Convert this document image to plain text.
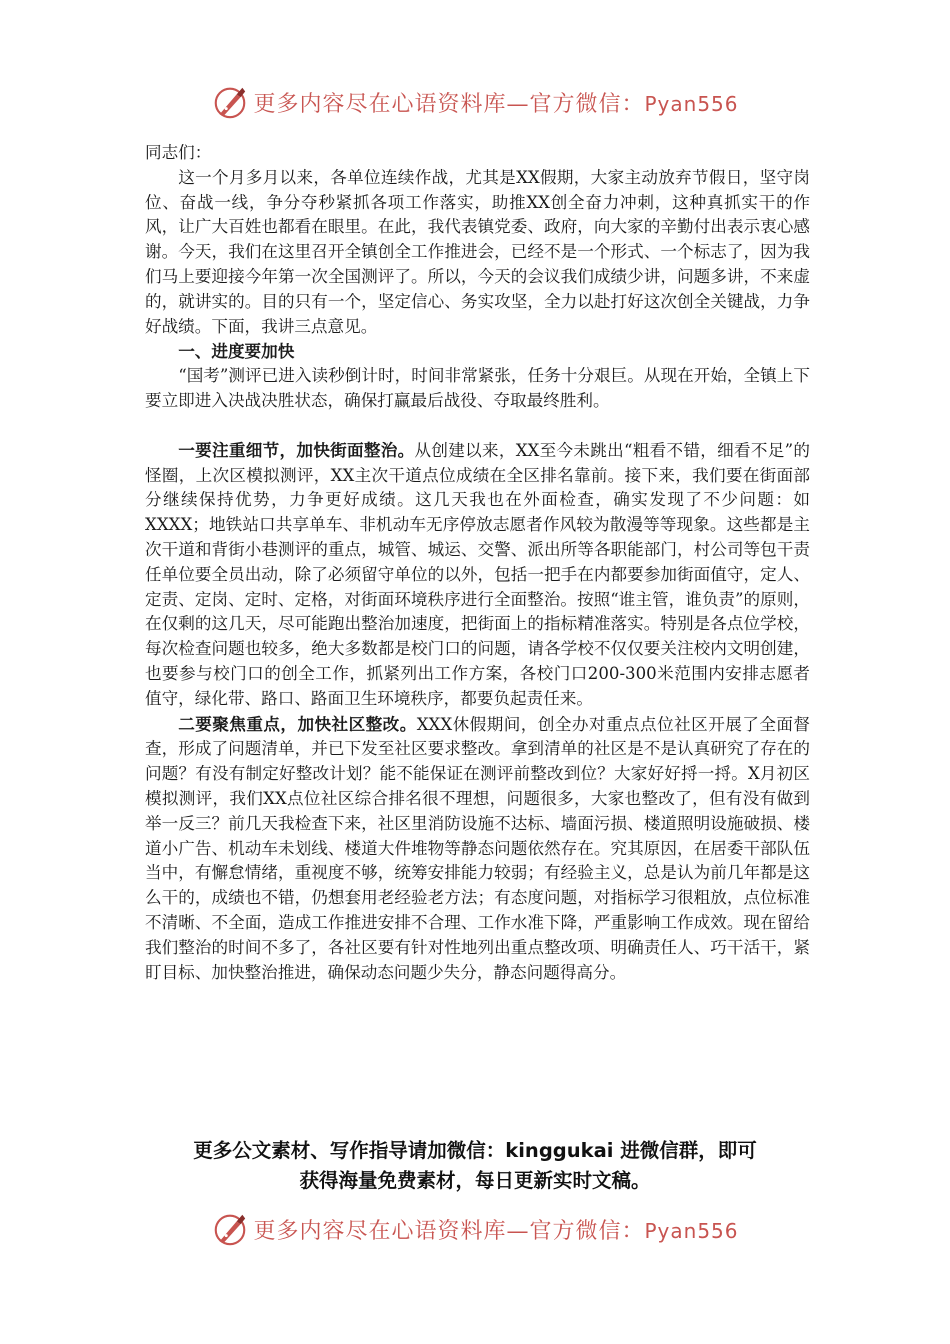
更多内容尽在心语资料库—官方微信：Pyan556

同志们：

这一个月多月以来，各单位连续作战，尤其是XX假期，大家主动放弃节假日，坚守岗位、奋战一线，争分夺秒紧抓各项工作落实，助推XX创全奋力冲刺，这种真抓实干的作风，让广大百姓也都看在眼里。在此，我代表镇党委、政府，向大家的辛勤付出表示衷心感谢。今天，我们在这里召开全镇创全工作推进会，已经不是一个形式、一个标志了，因为我们马上要迎接今年第一次全国测评了。所以，今天的会议我们成绩少讲，问题多讲，不来虚的，就讲实的。目的只有一个，坚定信心、务实攻坚，全力以赴打好这次创全关键战，力争好战绩。下面，我讲三点意见。

一、进度要加快

“国考”测评已进入读秒倒计时，时间非常紧张，任务十分艰巨。从现在开始，全镇上下要立即进入决战决胜状态，确保打赢最后战役、夺取最终胜利。

一要注重细节，加快街面整治。从创建以来，XX至今未跳出“粗看不错，细看不足”的怪圈，上次区模拟测评，XX主次干道点位成绩在全区排名靠前。接下来，我们要在街面部分继续保持优势，力争更好成绩。这几天我也在外面检查，确实发现了不少问题：如XXXX；地铁站口共享单车、非机动车无序停放志愿者作风较为散漫等等现象。这些都是主次干道和背街小巷测评的重点，城管、城运、交警、派出所等各职能部门，村公司等包干责任单位要全员出动，除了必须留守单位的以外，包括一把手在内都要参加街面值守，定人、定责、定岗、定时、定格，对街面环境秩序进行全面整治。按照“谁主管，谁负责”的原则，在仅剩的这几天，尽可能跑出整治加速度，把街面上的指标精准落实。特别是各点位学校，每次检查问题也较多，绝大多数都是校门口的问题，请各学校不仅仅要关注校内文明创建，也要参与校门口的创全工作，抓紧列出工作方案，各校门口200-300米范围内安排志愿者值守，绿化带、路口、路面卫生环境秩序，都要负起责任来。

二要聚焦重点，加快社区整改。XXX休假期间，创全办对重点点位社区开展了全面督查，形成了问题清单，并已下发至社区要求整改。拿到清单的社区是不是认真研究了存在的问题？有没有制定好整改计划？能不能保证在测评前整改到位？大家好好捋一捋。X月初区模拟测评，我们XX点位社区综合排名很不理想，问题很多，大家也整改了，但有没有做到举一反三？前几天我检查下来，社区里消防设施不达标、墙面污损、楼道照明设施破损、楼道小广告、机动车未划线、楼道大件堆物等静态问题依然存在。究其原因，在居委干部队伍当中，有懈怠情绪，重视度不够，统筹安排能力较弱；有经验主义，总是认为前几年都是这么干的，成绩也不错，仍想套用老经验老方法；有态度问题，对指标学习很粗放，点位标准不清晰、不全面，造成工作推进安排不合理、工作水准下降，严重影响工作成效。现在留给我们整治的时间不多了，各社区要有针对性地列出重点整改项、明确责任人、巧干活干，紧盯目标、加快整治推进，确保动态问题少失分，静态问题得高分。

更多公文素材、写作指导请加微信：kinggukai 进微信群，即可
获得海量免费素材，每日更新实时文稿。
更多内容尽在心语资料库—官方微信：Pyan556
